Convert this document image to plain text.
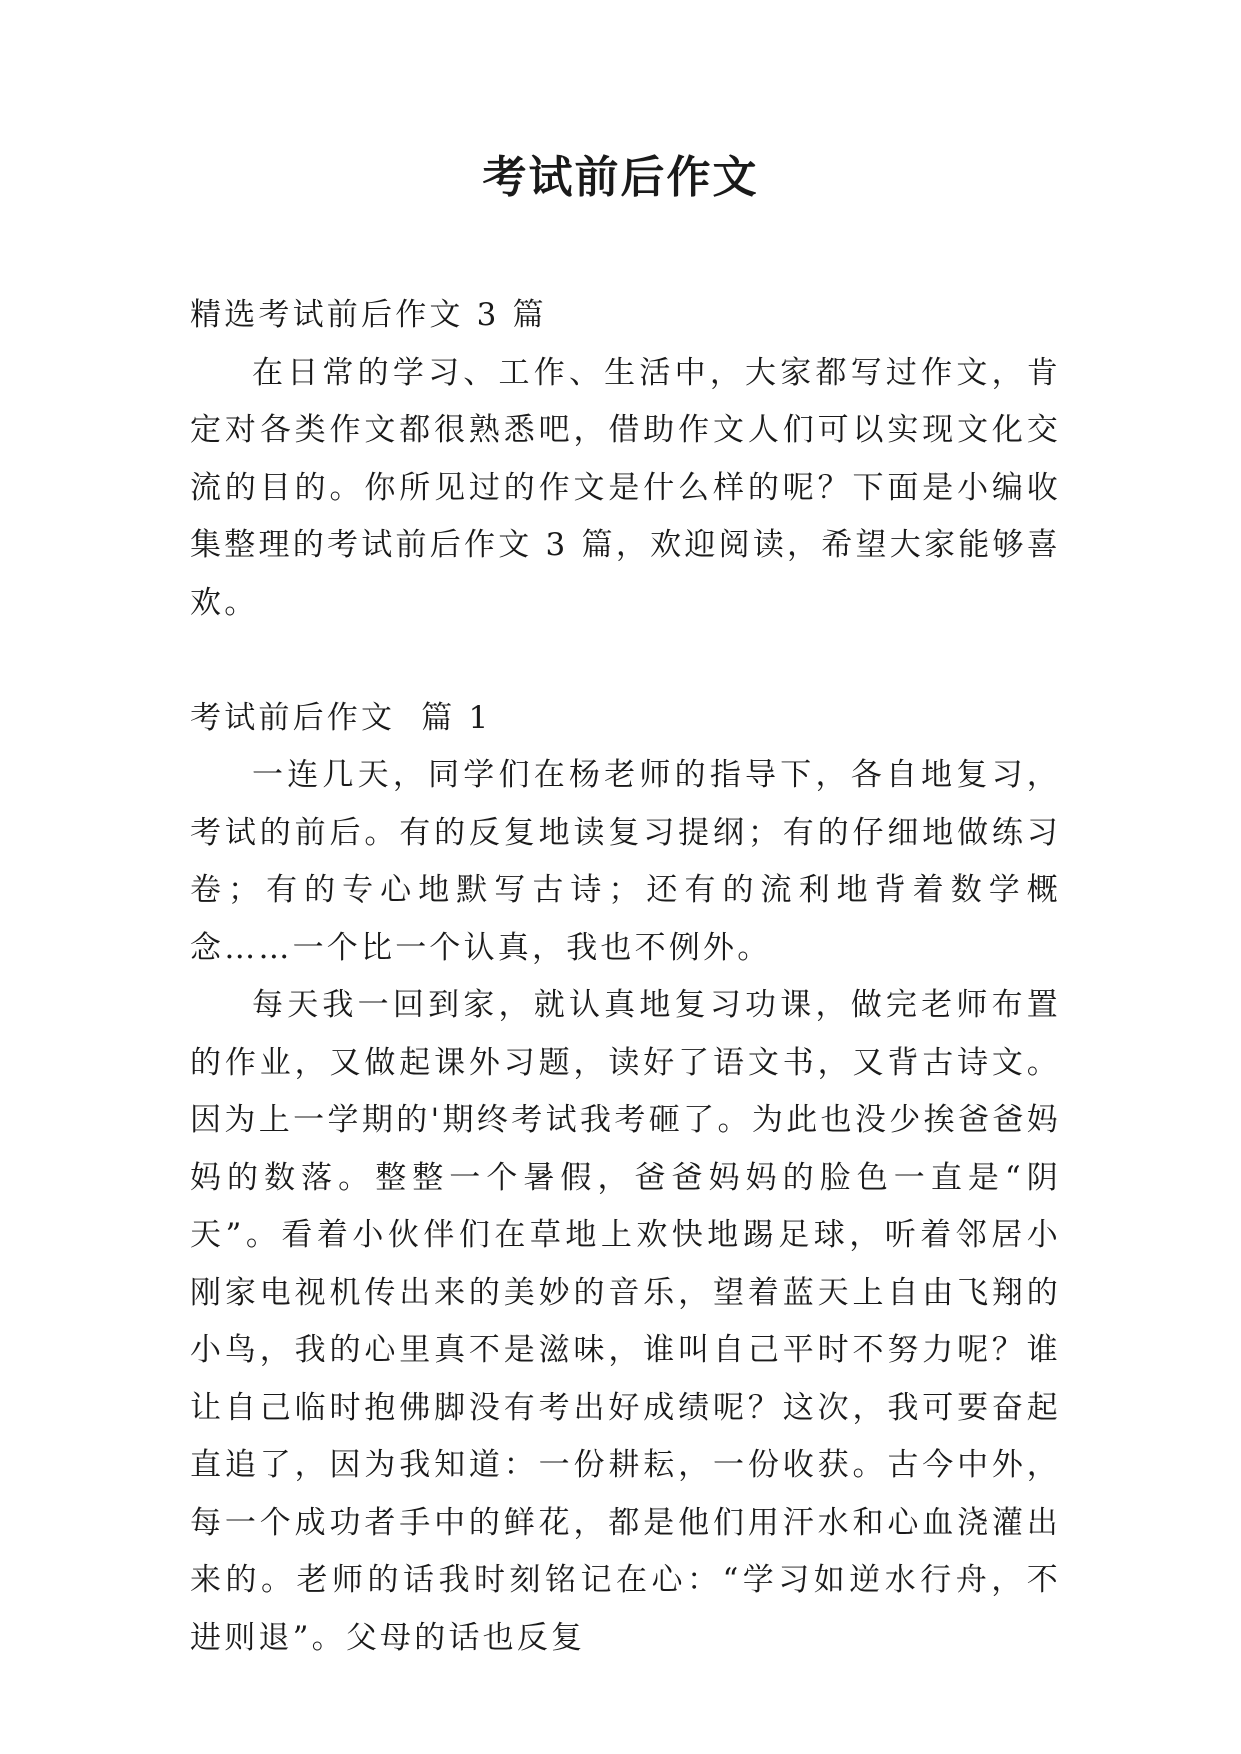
考试前后作文

精选考试前后作文 3 篇

在日常的学习、工作、生活中，大家都写过作文，肯定对各类作文都很熟悉吧，借助作文人们可以实现文化交流的目的。你所见过的作文是什么样的呢？下面是小编收集整理的考试前后作文 3 篇，欢迎阅读，希望大家能够喜欢。

考试前后作文  篇 1

一连几天，同学们在杨老师的指导下，各自地复习，考试的前后。有的反复地读复习提纲；有的仔细地做练习卷；有的专心地默写古诗；还有的流利地背着数学概念……一个比一个认真，我也不例外。

每天我一回到家，就认真地复习功课，做完老师布置的作业，又做起课外习题，读好了语文书，又背古诗文。因为上一学期的'期终考试我考砸了。为此也没少挨爸爸妈妈的数落。整整一个暑假，爸爸妈妈的脸色一直是“阴天”。看着小伙伴们在草地上欢快地踢足球，听着邻居小刚家电视机传出来的美妙的音乐，望着蓝天上自由飞翔的小鸟，我的心里真不是滋味，谁叫自己平时不努力呢？谁让自己临时抱佛脚没有考出好成绩呢？这次，我可要奋起直追了，因为我知道：一份耕耘，一份收获。古今中外，每一个成功者手中的鲜花，都是他们用汗水和心血浇灌出来的。老师的话我时刻铭记在心：“学习如逆水行舟，不进则退”。父母的话也反复
